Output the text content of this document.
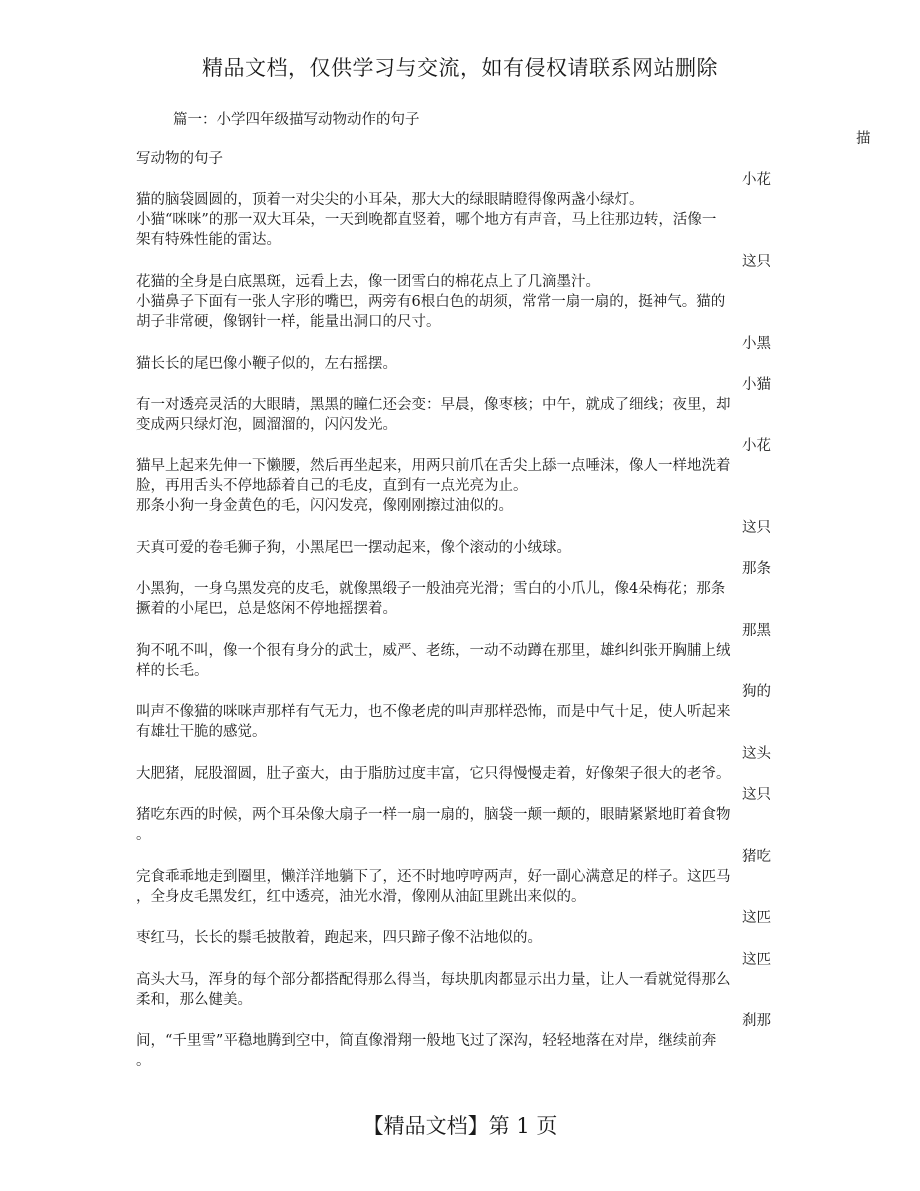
精品文档，仅供学习与交流，如有侵权请联系网站删除
篇一：小学四年级描写动物动作的句子
描
写动物的句子
小花
猫的脑袋圆圆的，顶着一对尖尖的小耳朵，那大大的绿眼睛瞪得像两盏小绿灯。
小猫“咪咪”的那一双大耳朵，一天到晚都直竖着，哪个地方有声音，马上往那边转，活像一
架有特殊性能的雷达。
这只
花猫的全身是白底黑斑，远看上去，像一团雪白的棉花点上了几滴墨汁。
小猫鼻子下面有一张人字形的嘴巴，两旁有6根白色的胡须，常常一扇一扇的，挺神气。猫的
胡子非常硬，像钢针一样，能量出洞口的尺寸。
小黑
猫长长的尾巴像小鞭子似的，左右摇摆。
小猫
有一对透亮灵活的大眼睛，黑黑的瞳仁还会变：早晨，像枣核；中午，就成了细线；夜里，却
变成两只绿灯泡，圆溜溜的，闪闪发光。
小花
猫早上起来先伸一下懒腰，然后再坐起来，用两只前爪在舌尖上舔一点唾沫，像人一样地洗着
脸，再用舌头不停地舔着自己的毛皮，直到有一点光亮为止。
那条小狗一身金黄色的毛，闪闪发亮，像刚刚擦过油似的。
这只
天真可爱的卷毛狮子狗，小黑尾巴一摆动起来，像个滚动的小绒球。
那条
小黑狗，一身乌黑发亮的皮毛，就像黑缎子一般油亮光滑；雪白的小爪儿，像4朵梅花；那条
撅着的小尾巴，总是悠闲不停地摇摆着。
那黑
狗不吼不叫，像一个很有身分的武士，威严、老练，一动不动蹲在那里，雄纠纠张开胸脯上绒
样的长毛。
狗的
叫声不像猫的咪咪声那样有气无力，也不像老虎的叫声那样恐怖，而是中气十足，使人听起来
有雄壮干脆的感觉。
这头
大肥猪，屁股溜圆，肚子蛮大，由于脂肪过度丰富，它只得慢慢走着，好像架子很大的老爷。
这只
猪吃东西的时候，两个耳朵像大扇子一样一扇一扇的，脑袋一颠一颠的，眼睛紧紧地盯着食物
。
猪吃
完食乖乖地走到圈里，懒洋洋地躺下了，还不时地哼哼两声，好一副心满意足的样子。这匹马
，全身皮毛黑发红，红中透亮，油光水滑，像刚从油缸里跳出来似的。
这匹
枣红马，长长的鬃毛披散着，跑起来，四只蹄子像不沾地似的。
这匹
高头大马，浑身的每个部分都搭配得那么得当，每块肌肉都显示出力量，让人一看就觉得那么
柔和，那么健美。
刹那
间，“千里雪”平稳地腾到空中，简直像滑翔一般地飞过了深沟，轻轻地落在对岸，继续前奔
。
【精品文档】第 1 页
